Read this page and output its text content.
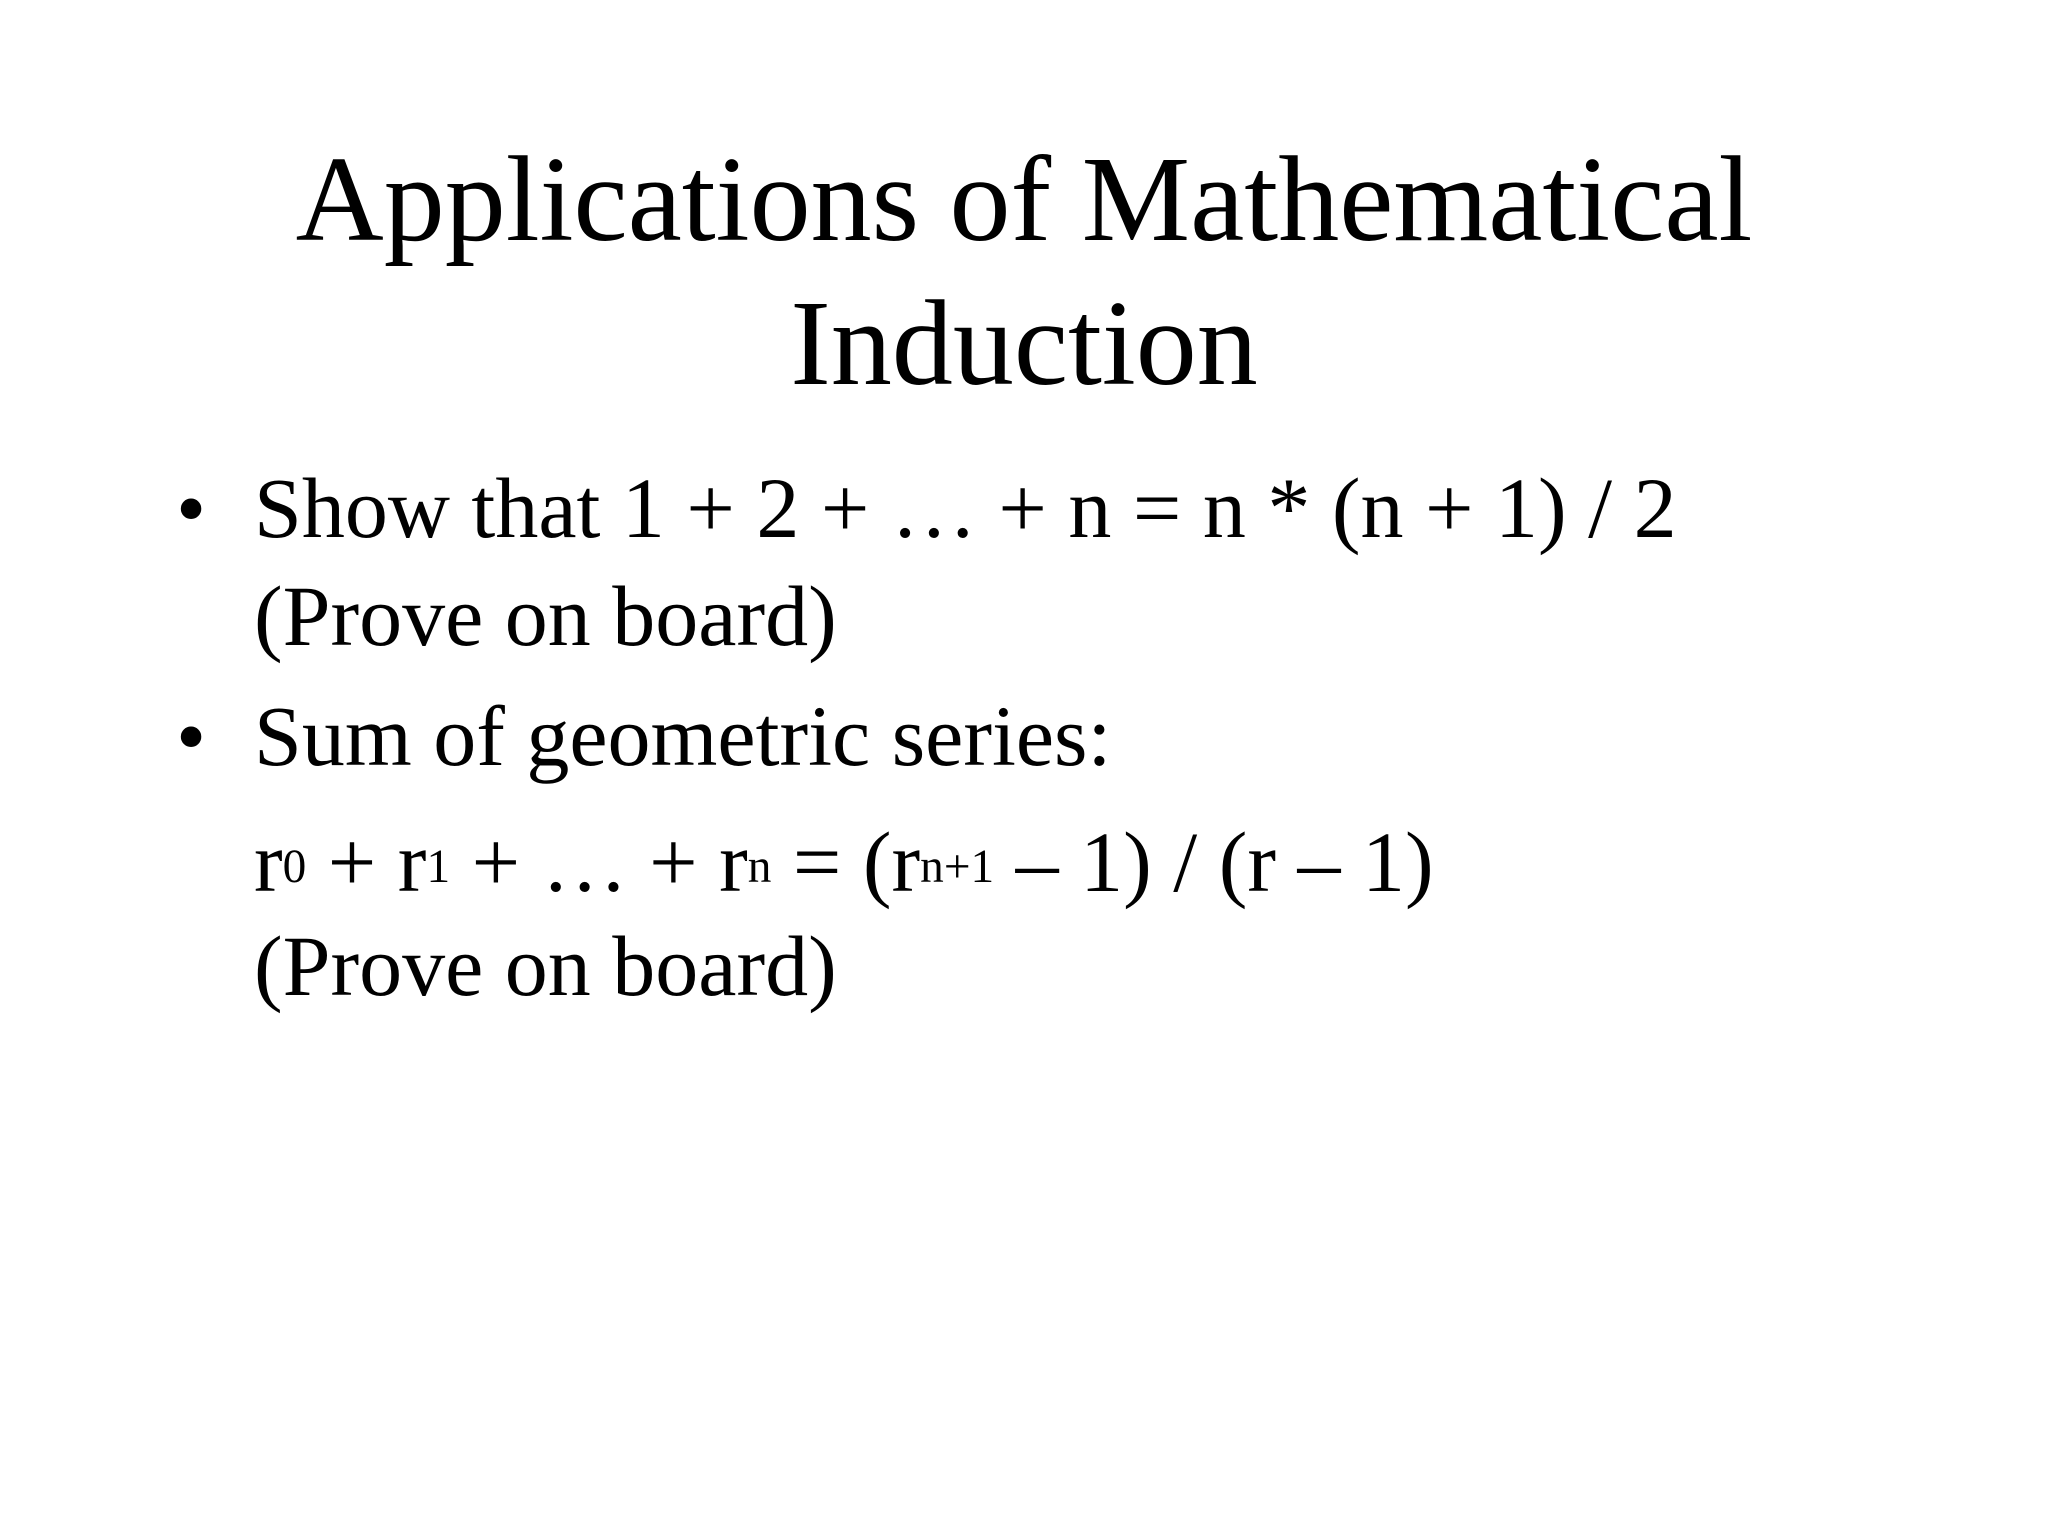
Applications of Mathematical
Induction
• Show that 1 + 2 + … + n = n * (n + 1) / 2
(Prove on board)
• Sum of geometric series:
$r^0 + r^1$ + … + $r^n = (r^{n+1} - 1) / (r - 1)$
(Prove on board)
